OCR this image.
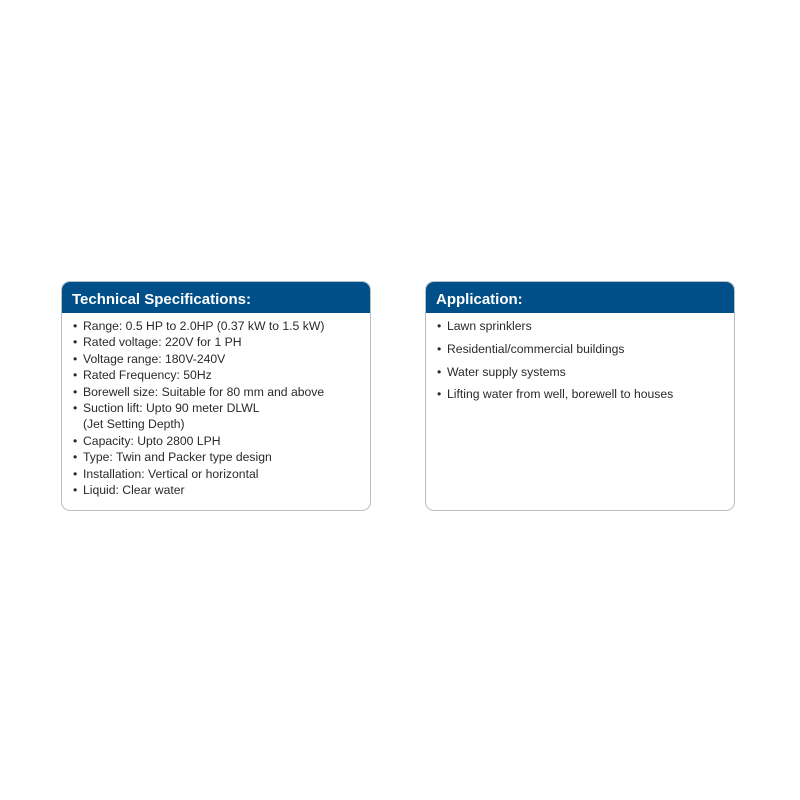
Technical Specifications:
• Range: 0.5 HP to 2.0HP (0.37 kW to 1.5 kW)
• Rated voltage: 220V for 1 PH
• Voltage range: 180V-240V
• Rated Frequency: 50Hz
• Borewell size: Suitable for 80 mm and above
• Suction lift: Upto 90 meter DLWL
(Jet Setting Depth)
• Capacity: Upto 2800 LPH
• Type: Twin and Packer type design
• Installation: Vertical or horizontal
• Liquid: Clear water
Application:
• Lawn sprinklers
• Residential/commercial buildings
• Water supply systems
• Lifting water from well, borewell to houses
